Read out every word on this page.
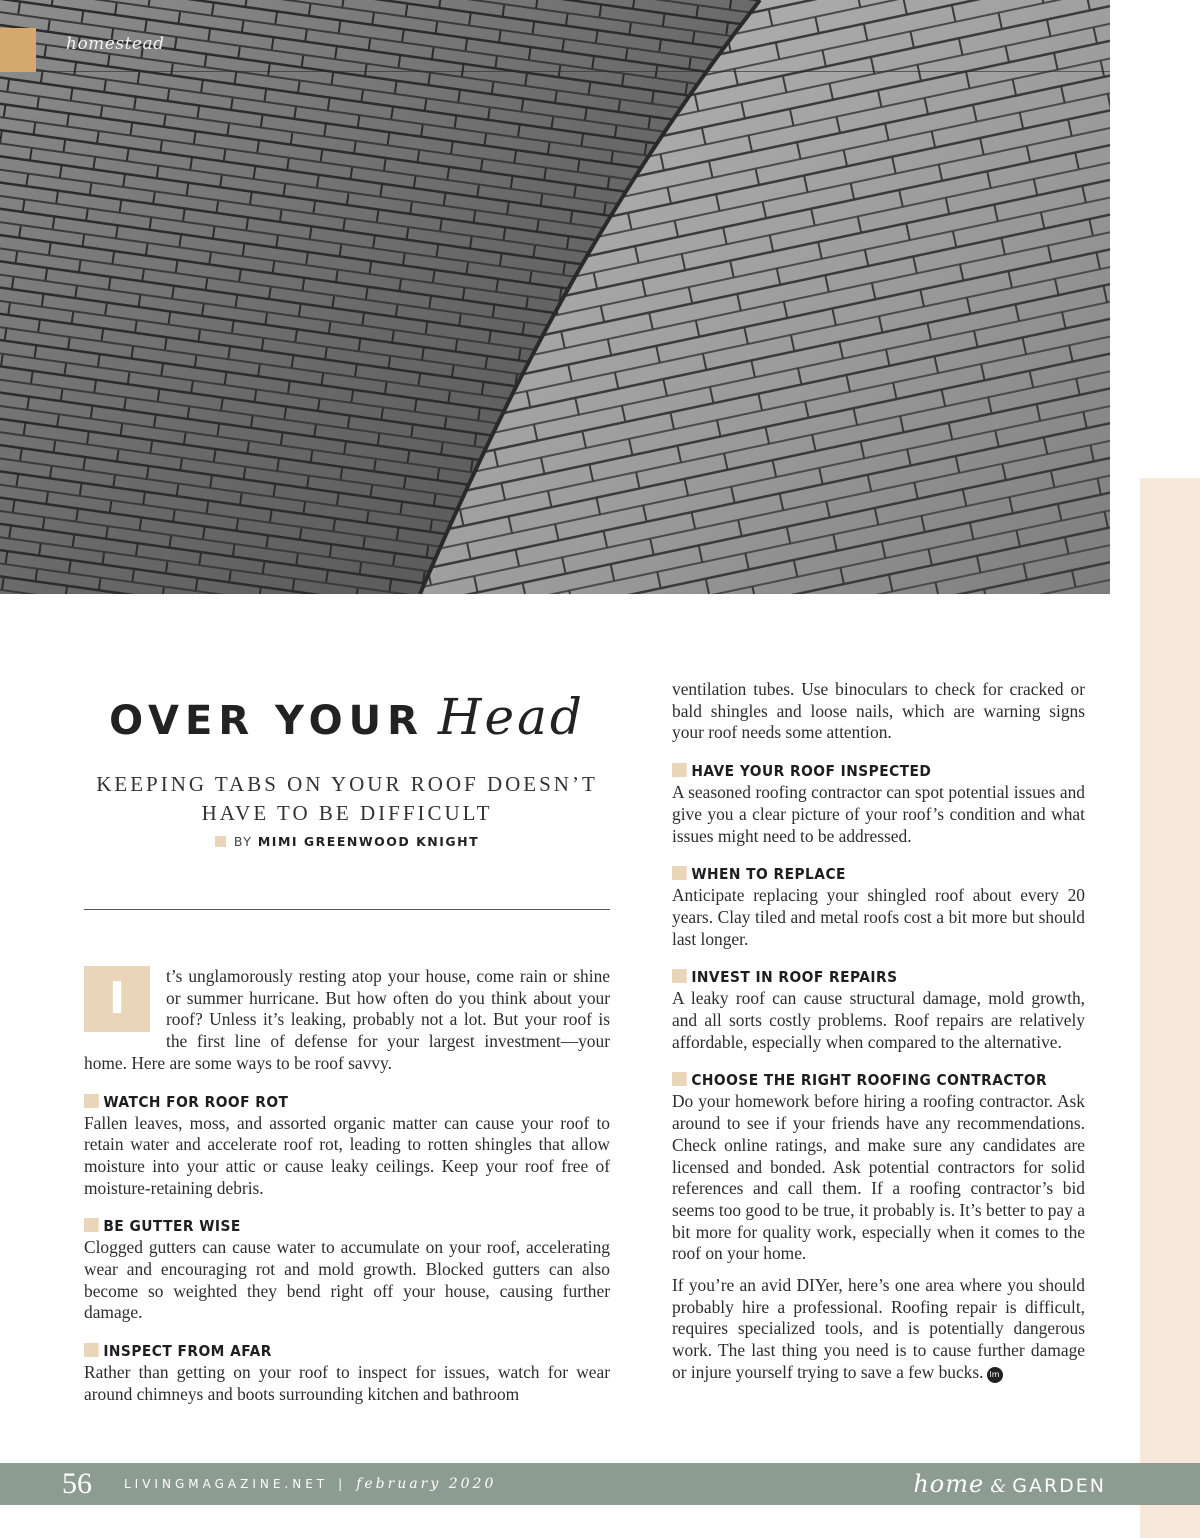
homestead
OVER YOUR Head
KEEPING TABS ON YOUR ROOF DOESN’T HAVE TO BE DIFFICULT
BY MIMI GREENWOOD KNIGHT

I	t’s unglamorously resting atop your house, come rain or shine or summer hurricane. But how often do you think about your roof? Unless it’s leaking, probably not a lot. But your roof is the first line of defense for your largest investment—your home. Here are some ways to be roof savvy.

WATCH FOR ROOF ROT

Fallen leaves, moss, and assorted organic matter can cause your roof to retain water and accelerate roof rot, leading to rotten shingles that allow moisture into your attic or cause leaky ceilings. Keep your roof free of moisture-retaining debris.

BE GUTTER WISE

Clogged gutters can cause water to accumulate on your roof, accelerating wear and encouraging rot and mold growth. Blocked gutters can also become so weighted they bend right off your house, causing further damage.

INSPECT FROM AFAR

Rather than getting on your roof to inspect for issues, watch for wear around chimneys and boots surrounding kitchen and bathroom

ventilation tubes. Use binoculars to check for cracked or bald shingles and loose nails, which are warning signs your roof needs some attention.

HAVE YOUR ROOF INSPECTED

A seasoned roofing contractor can spot potential issues and give you a clear picture of your roof’s condition and what issues might need to be addressed.

WHEN TO REPLACE

Anticipate replacing your shingled roof about every 20 years. Clay tiled and metal roofs cost a bit more but should last longer.

INVEST IN ROOF REPAIRS

A leaky roof can cause structural damage, mold growth, and all sorts costly problems. Roof repairs are relatively affordable, especially when compared to the alternative.

CHOOSE THE RIGHT ROOFING CONTRACTOR

Do your homework before hiring a roofing contractor. Ask around to see if your friends have any recommendations. Check online ratings, and make sure any candidates are licensed and bonded. Ask potential contractors for solid references and call them. If a roofing contractor’s bid seems too good to be true, it probably is. It’s better to pay a bit more for quality work, especially when it comes to the roof on your home.

If you’re an avid DIYer, here’s one area where you should probably hire a professional. Roofing repair is difficult, requires specialized tools, and is potentially dangerous work. The last thing you need is to cause further damage or injure yourself trying to save a few bucks. lm

56	LIVINGMAGAZINE.NET | february 2020	home & GARDEN
